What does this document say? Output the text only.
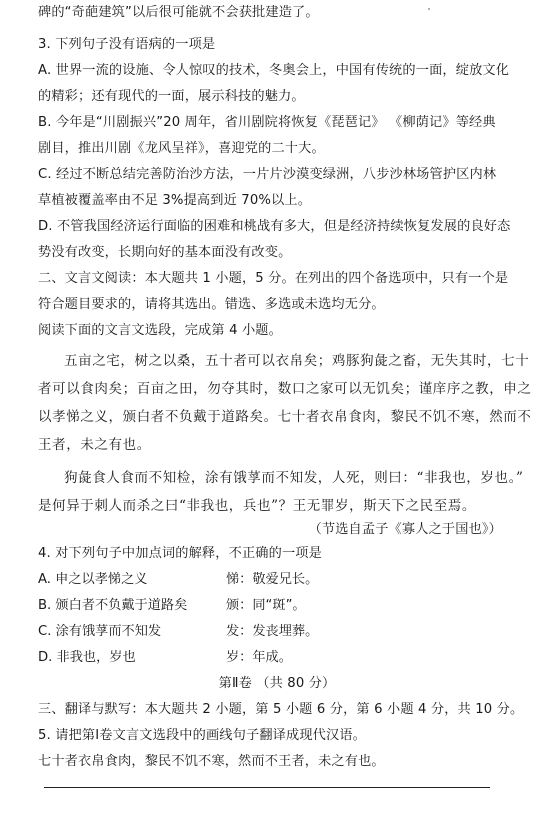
碑的“奇葩建筑”以后很可能就不会获批建造了。
3. 下列句子没有语病的一项是
A. 世界一流的设施、令人惊叹的技术，冬奥会上，中国有传统的一面，绽放文化
的精彩；还有现代的一面，展示科技的魅力。
B. 今年是“川剧振兴”20 周年，省川剧院将恢复《琵琶记》 《柳荫记》等经典
剧目，推出川剧《龙风呈祥》，喜迎党的二十大。
C. 经过不断总结完善防治沙方法，一片片沙漠变绿洲，八步沙林场管护区内林
草植被覆盖率由不足 3%提高到近 70%以上。
D. 不管我国经济运行面临的困难和桃战有多大，但是经济持续恢复发展的良好态
势没有改变，长期向好的基本面没有改变。
二、文言文阅读：本大题共 1 小题，5 分。在列出的四个备选项中，只有一个是
符合题目要求的，请将其选出。错选、多选或未选均无分。
阅读下面的文言文选段，完成第 4 小题。
五亩之宅，树之以桑，五十者可以衣帛矣；鸡豚狗彘之畜，无失其时，七十
者可以食肉矣；百亩之田，勿夺其时，数口之家可以无饥矣；谨庠序之教，申之
以孝悌之义，颁白者不负戴于道路矣。七十者衣帛食肉，黎民不饥不寒，然而不
王者，未之有也。
狗彘食人食而不知检，涂有饿莩而不知发，人死，则曰：“非我也，岁也。”
是何异于刺人而杀之曰“非我也，兵也”？王无罪岁，斯天下之民至焉。
（节选自孟子《寡人之于国也》）
4. 对下列句子中加点词的解释，不正确的一项是
A. 申之以孝悌之义	悌：敬爱兄长。
B. 颁白者不负戴于道路矣	颁：同“斑”。
C. 涂有饿莩而不知发	发：发丧埋葬。
D. 非我也，岁也	岁：年成。
第Ⅱ卷 （共 80 分）
三、翻译与默写：本大题共 2 小题，第 5 小题 6 分，第 6 小题 4 分，共 10 分。
5. 请把第Ⅰ卷文言文选段中的画线句子翻译成现代汉语。
七十者衣帛食肉，黎民不饥不寒，然而不王者，未之有也。
